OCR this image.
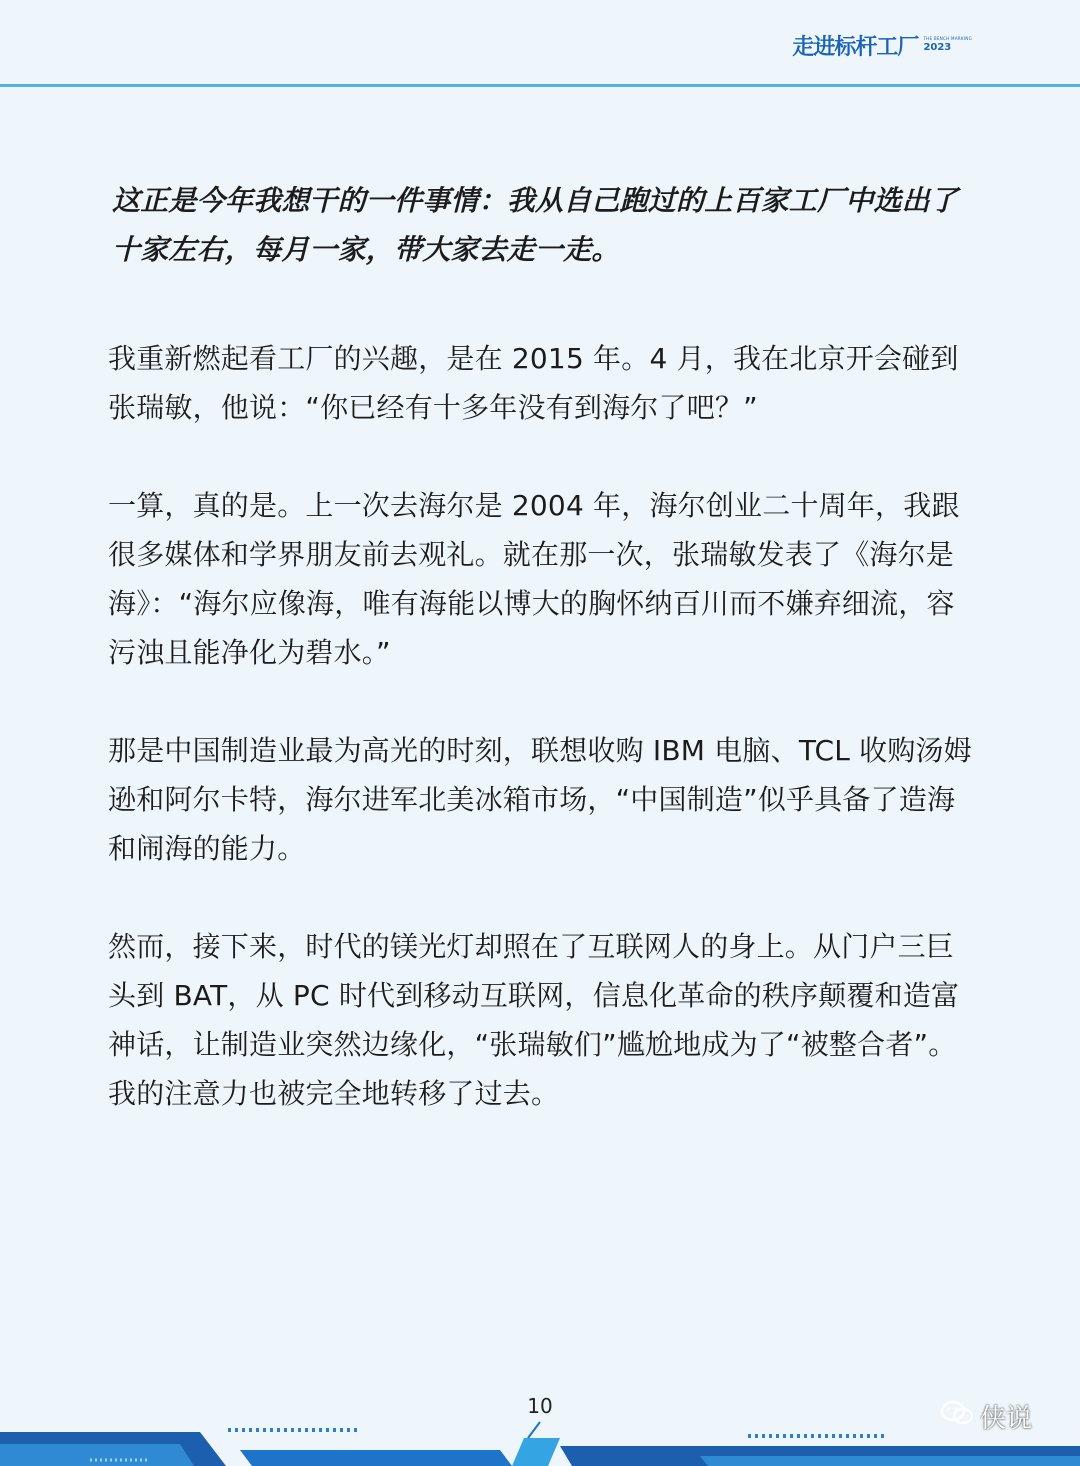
走进标杆工厂 THE BENCH MARKING
2023

这正是今年我想干的一件事情：我从自己跑过的上百家工厂中选出了十家左右，每月一家，带大家去走一走。

我重新燃起看工厂的兴趣，是在 2015 年。4 月，我在北京开会碰到张瑞敏，他说：“你已经有十多年没有到海尔了吧？”

一算，真的是。上一次去海尔是 2004 年，海尔创业二十周年，我跟很多媒体和学界朋友前去观礼。就在那一次，张瑞敏发表了《海尔是海》：“海尔应像海，唯有海能以博大的胸怀纳百川而不嫌弃细流，容污浊且能净化为碧水。”

那是中国制造业最为高光的时刻，联想收购 IBM 电脑、TCL 收购汤姆逊和阿尔卡特，海尔进军北美冰箱市场，“中国制造”似乎具备了造海和闹海的能力。

然而，接下来，时代的镁光灯却照在了互联网人的身上。从门户三巨头到 BAT，从 PC 时代到移动互联网，信息化革命的秩序颠覆和造富神话，让制造业突然边缘化，“张瑞敏们”尴尬地成为了“被整合者”。我的注意力也被完全地转移了过去。

10	侠说
